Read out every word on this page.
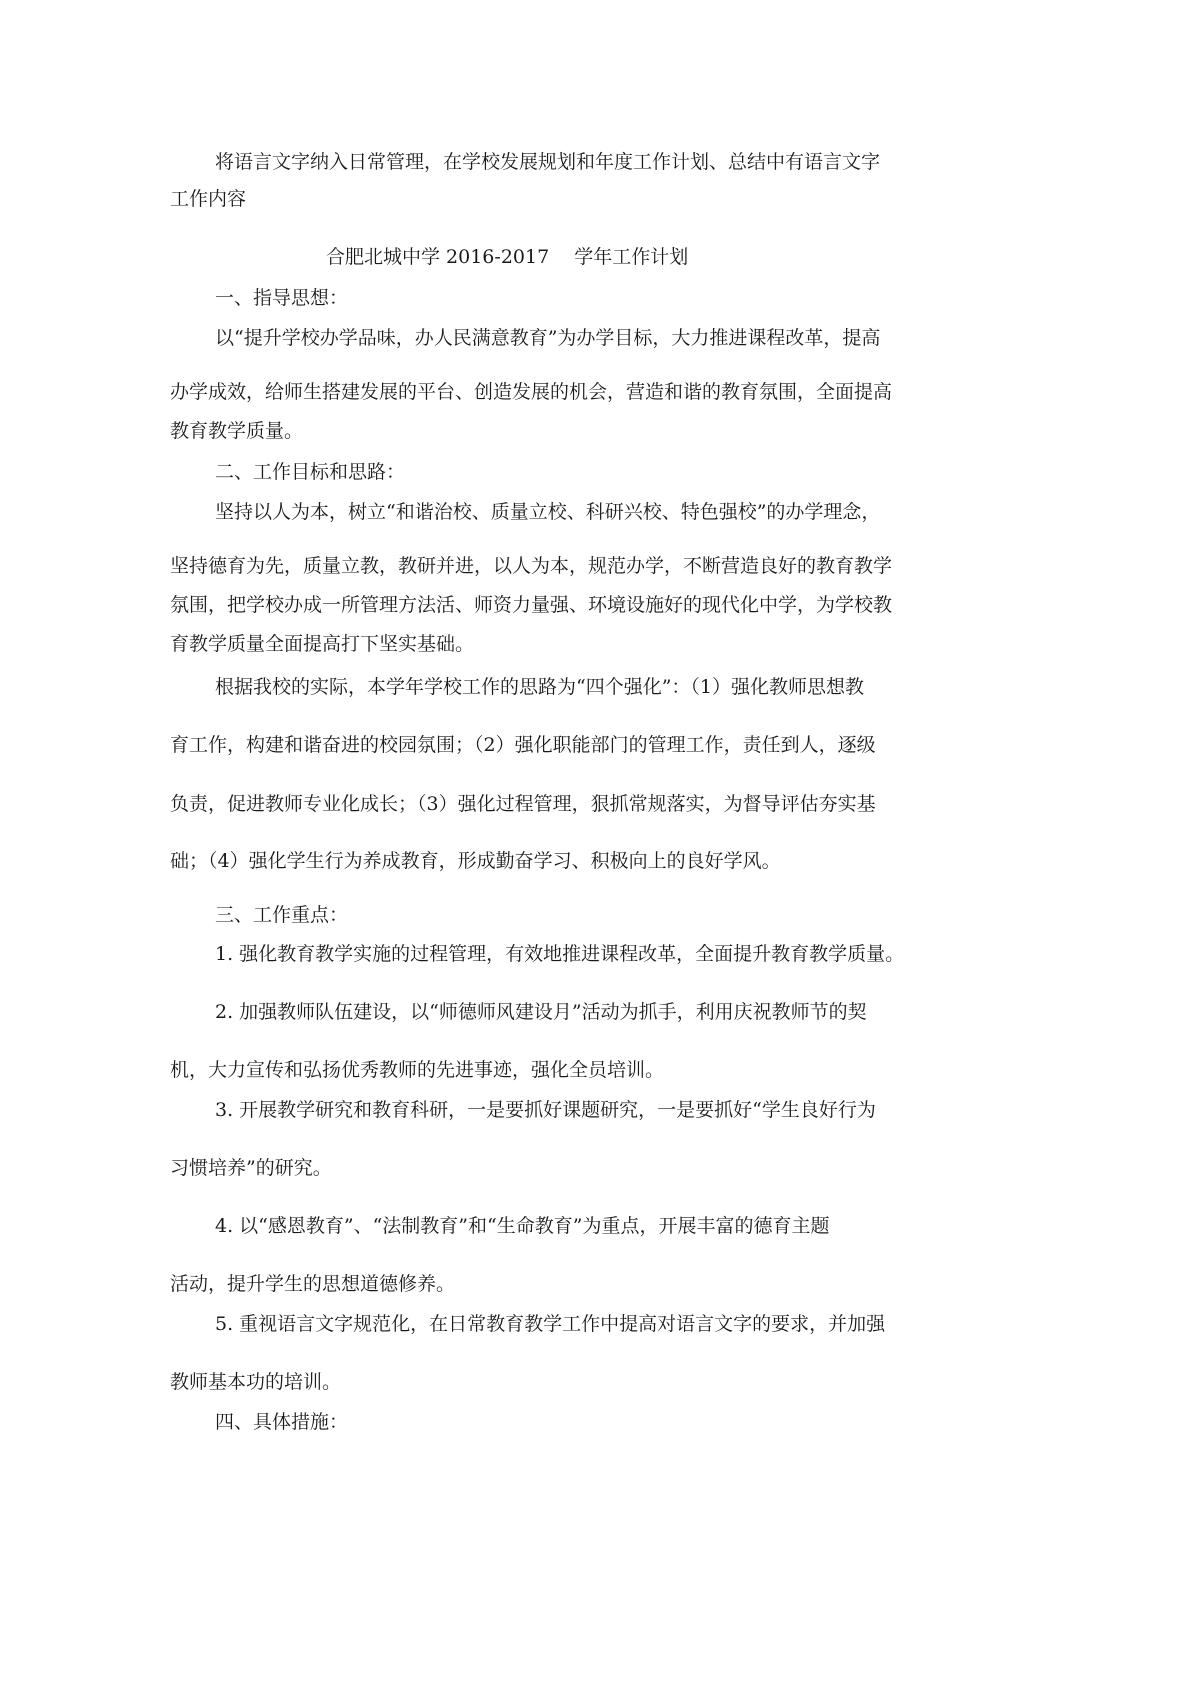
将语言文字纳入日常管理，在学校发展规划和年度工作计划、总结中有语言文字

工作内容

合肥北城中学 2016-2017　 学年工作计划

一、指导思想：

以“提升学校办学品味，办人民满意教育”为办学目标，大力推进课程改革，提高

办学成效，给师生搭建发展的平台、创造发展的机会，营造和谐的教育氛围，全面提高

教育教学质量。

二、工作目标和思路：

坚持以人为本，树立“和谐治校、质量立校、科研兴校、特色强校”的办学理念，

坚持德育为先，质量立教，教研并进，以人为本，规范办学，不断营造良好的教育教学

氛围，把学校办成一所管理方法活、师资力量强、环境设施好的现代化中学，为学校教

育教学质量全面提高打下坚实基础。

根据我校的实际，本学年学校工作的思路为“四个强化”：（1）强化教师思想教

育工作，构建和谐奋进的校园氛围；（2）强化职能部门的管理工作，责任到人，逐级

负责，促进教师专业化成长；（3）强化过程管理，狠抓常规落实，为督导评估夯实基

础；（4）强化学生行为养成教育，形成勤奋学习、积极向上的良好学风。

三、工作重点：

1. 强化教育教学实施的过程管理，有效地推进课程改革，全面提升教育教学质量。

2. 加强教师队伍建设，以“师德师风建设月”活动为抓手，利用庆祝教师节的契

机，大力宣传和弘扬优秀教师的先进事迹，强化全员培训。

3. 开展教学研究和教育科研，一是要抓好课题研究，一是要抓好“学生良好行为

习惯培养”的研究。

4. 以“感恩教育”、“法制教育”和“生命教育”为重点，开展丰富的德育主题

活动，提升学生的思想道德修养。

5. 重视语言文字规范化，在日常教育教学工作中提高对语言文字的要求，并加强

教师基本功的培训。

四、具体措施：
